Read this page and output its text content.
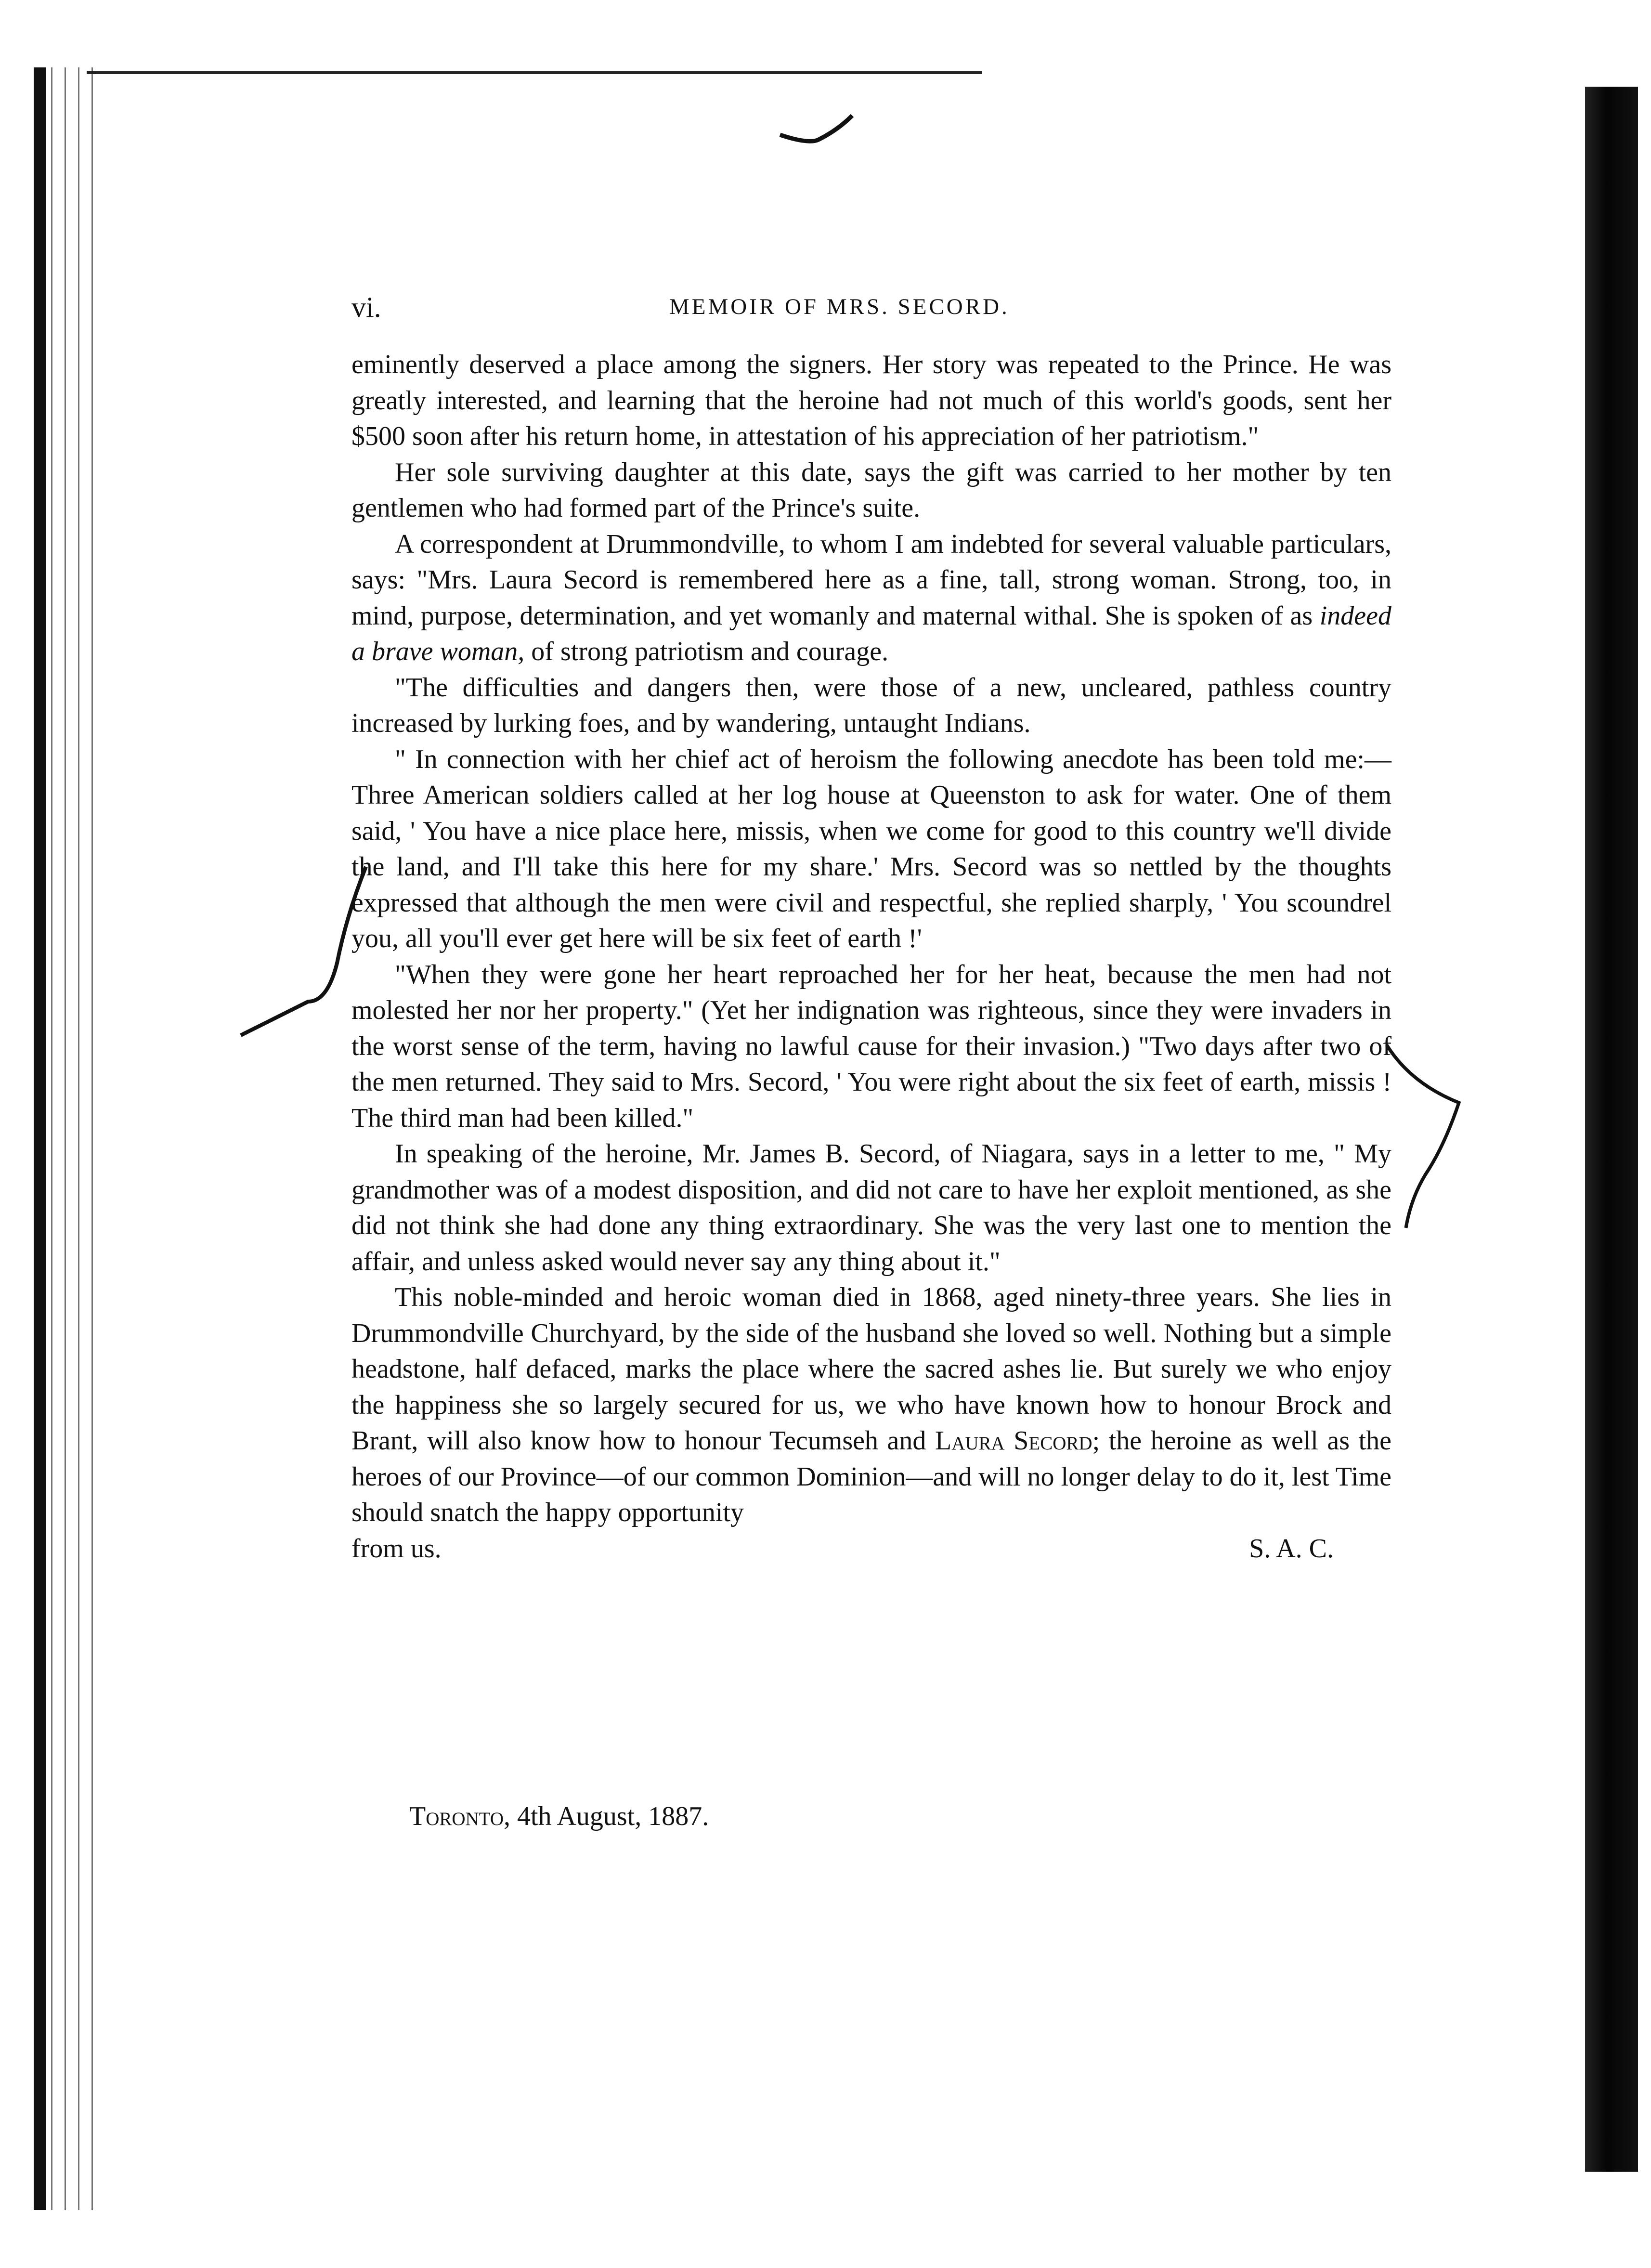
vi.	MEMOIR OF MRS. SECORD.

eminently deserved a place among the signers. Her story was repeated to the Prince. He was greatly interested, and learning that the heroine had not much of this world's goods, sent her $500 soon after his return home, in attestation of his appreciation of her patriotism."

Her sole surviving daughter at this date, says the gift was carried to her mother by ten gentlemen who had formed part of the Prince's suite.

A correspondent at Drummondville, to whom I am indebted for several valuable particulars, says: "Mrs. Laura Secord is remembered here as a fine, tall, strong woman. Strong, too, in mind, purpose, determination, and yet womanly and maternal withal. She is spoken of as indeed a brave woman, of strong patriotism and courage.

"The difficulties and dangers then, were those of a new, uncleared, pathless country increased by lurking foes, and by wandering, untaught Indians.

" In connection with her chief act of heroism the following anecdote has been told me:—Three American soldiers called at her log house at Queenston to ask for water. One of them said, ' You have a nice place here, missis, when we come for good to this country we'll divide the land, and I'll take this here for my share.' Mrs. Secord was so nettled by the thoughts expressed that although the men were civil and respectful, she replied sharply, ' You scoundrel you, all you'll ever get here will be six feet of earth !'

"When they were gone her heart reproached her for her heat, because the men had not molested her nor her property." (Yet her indignation was righteous, since they were invaders in the worst sense of the term, having no lawful cause for their invasion.) "Two days after two of the men returned. They said to Mrs. Secord, ' You were right about the six feet of earth, missis ! The third man had been killed."

In speaking of the heroine, Mr. James B. Secord, of Niagara, says in a letter to me, " My grandmother was of a modest disposition, and did not care to have her exploit mentioned, as she did not think she had done any thing extraordinary. She was the very last one to mention the affair, and unless asked would never say any thing about it."

This noble-minded and heroic woman died in 1868, aged ninety-three years. She lies in Drummondville Churchyard, by the side of the husband she loved so well. Nothing but a simple headstone, half defaced, marks the place where the sacred ashes lie. But surely we who enjoy the happiness she so largely secured for us, we who have known how to honour Brock and Brant, will also know how to honour Tecumseh and Laura Secord; the heroine as well as the heroes of our Province—of our common Dominion—and will no longer delay to do it, lest Time should snatch the happy opportunity

from us.	S. A. C.
Toronto, 4th August, 1887.
